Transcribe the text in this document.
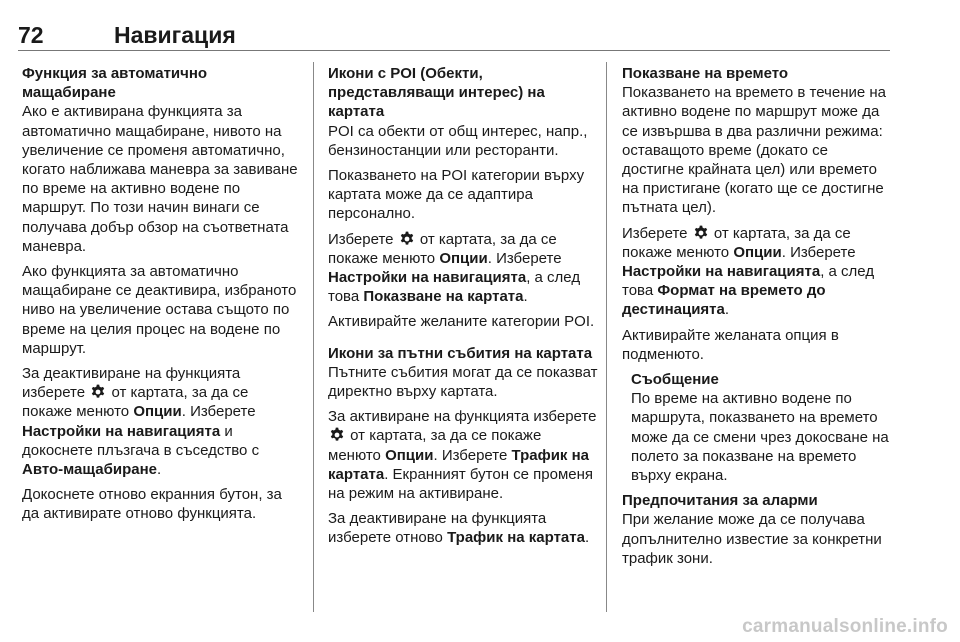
72	Навигация
Функция за автоматично мащабиране

Ако е активирана функцията за автоматично мащабиране, нивото на увеличение се променя автоматично, когато наближава маневра за завиване по време на активно водене по маршрут. По този начин винаги се получава добър обзор на съответната маневра.

Ако функцията за автоматично мащабиране се деактивира, избраното ниво на увеличение остава същото по време на целия процес на водене по маршрут.

За деактивиране на функцията изберете от картата, за да се покаже менюто Опции. Изберете Настройки на навигацията и докоснете плъзгача в съседство с Авто-мащабиране.

Докоснете отново екранния бутон, за да активирате отново функцията.

Икони с POI (Обекти, представляващи интерес) на картата

POI са обекти от общ интерес, напр., бензиностанции или ресторанти.

Показването на POI категории върху картата може да се адаптира персонално.

Изберете от картата, за да се покаже менюто Опции. Изберете Настройки на навигацията, а след това Показване на картата.

Активирайте желаните категории POI.

Икони за пътни събития на картата

Пътните събития могат да се показват директно върху картата.

За активиране на функцията изберете  от картата, за да се покаже менюто Опции. Изберете Трафик на картата. Екранният бутон се променя на режим на активиране.

За деактивиране на функцията изберете отново Трафик на картата.

Показване на времето

Показването на времето в течение на активно водене по маршрут може да се извършва в два различни режима: оставащото време (докато се достигне крайната цел) или времето на пристигане (когато ще се достигне пътната цел).

Изберете от картата, за да се покаже менюто Опции. Изберете Настройки на навигацията, а след това Формат на времето до дестинацията.

Активирайте желаната опция в подменюто.

Съобщение

По време на активно водене по маршрута, показването на времето може да се смени чрез докосване на полето за показване на времето върху екрана.

Предпочитания за аларми

При желание може да се получава допълнително известие за конкретни трафик зони.

carmanualsonline.info
